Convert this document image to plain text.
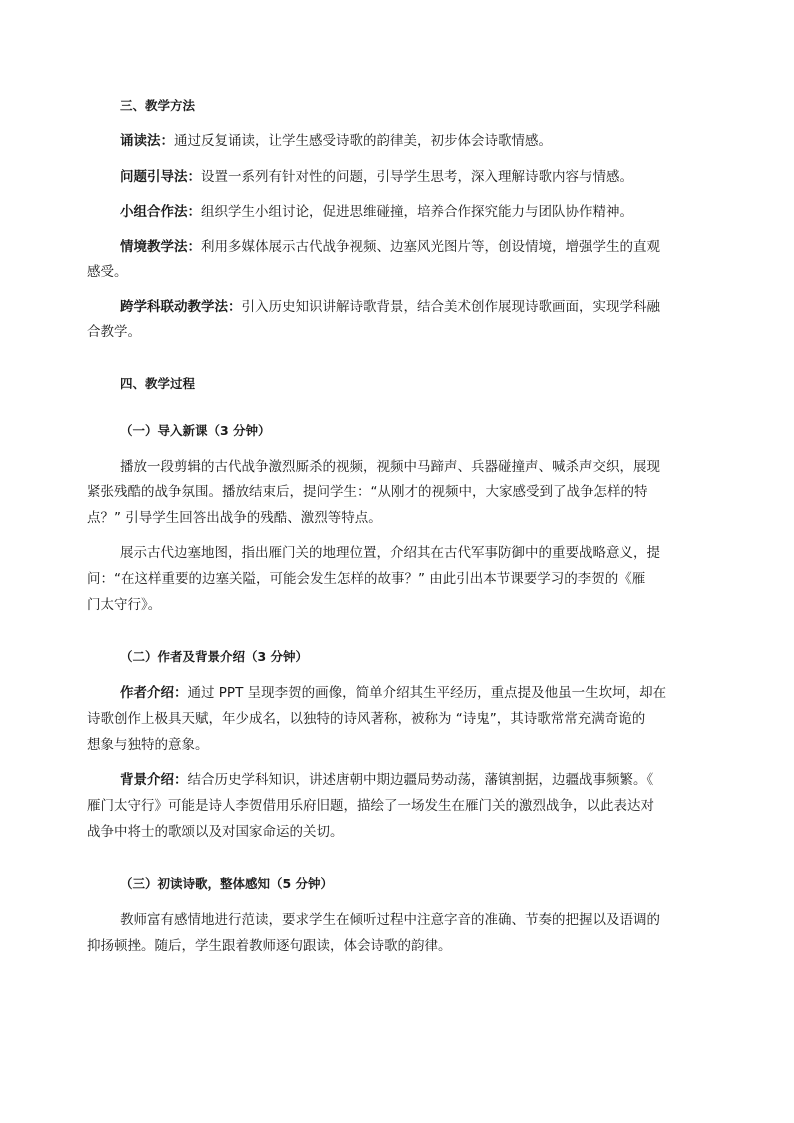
三、教学方法
诵读法：通过反复诵读，让学生感受诗歌的韵律美，初步体会诗歌情感。
问题引导法：设置一系列有针对性的问题，引导学生思考，深入理解诗歌内容与情感。
小组合作法：组织学生小组讨论，促进思维碰撞，培养合作探究能力与团队协作精神。
情境教学法：利用多媒体展示古代战争视频、边塞风光图片等，创设情境，增强学生的直观
感受。
跨学科联动教学法：引入历史知识讲解诗歌背景，结合美术创作展现诗歌画面，实现学科融
合教学。
四、教学过程
（一）导入新课（3 分钟）
播放一段剪辑的古代战争激烈厮杀的视频，视频中马蹄声、兵器碰撞声、喊杀声交织，展现
紧张残酷的战争氛围。播放结束后，提问学生：“从刚才的视频中，大家感受到了战争怎样的特
点？” 引导学生回答出战争的残酷、激烈等特点。
展示古代边塞地图，指出雁门关的地理位置，介绍其在古代军事防御中的重要战略意义，提
问：“在这样重要的边塞关隘，可能会发生怎样的故事？” 由此引出本节课要学习的李贺的《雁
门太守行》。
（二）作者及背景介绍（3 分钟）
作者介绍：通过 PPT 呈现李贺的画像，简单介绍其生平经历，重点提及他虽一生坎坷，却在
诗歌创作上极具天赋，年少成名，以独特的诗风著称，被称为 “诗鬼”，其诗歌常常充满奇诡的
想象与独特的意象。
背景介绍：结合历史学科知识，讲述唐朝中期边疆局势动荡，藩镇割据，边疆战事频繁。《
雁门太守行》可能是诗人李贺借用乐府旧题，描绘了一场发生在雁门关的激烈战争，以此表达对
战争中将士的歌颂以及对国家命运的关切。
（三）初读诗歌，整体感知（5 分钟）
教师富有感情地进行范读，要求学生在倾听过程中注意字音的准确、节奏的把握以及语调的
抑扬顿挫。随后，学生跟着教师逐句跟读，体会诗歌的韵律。
